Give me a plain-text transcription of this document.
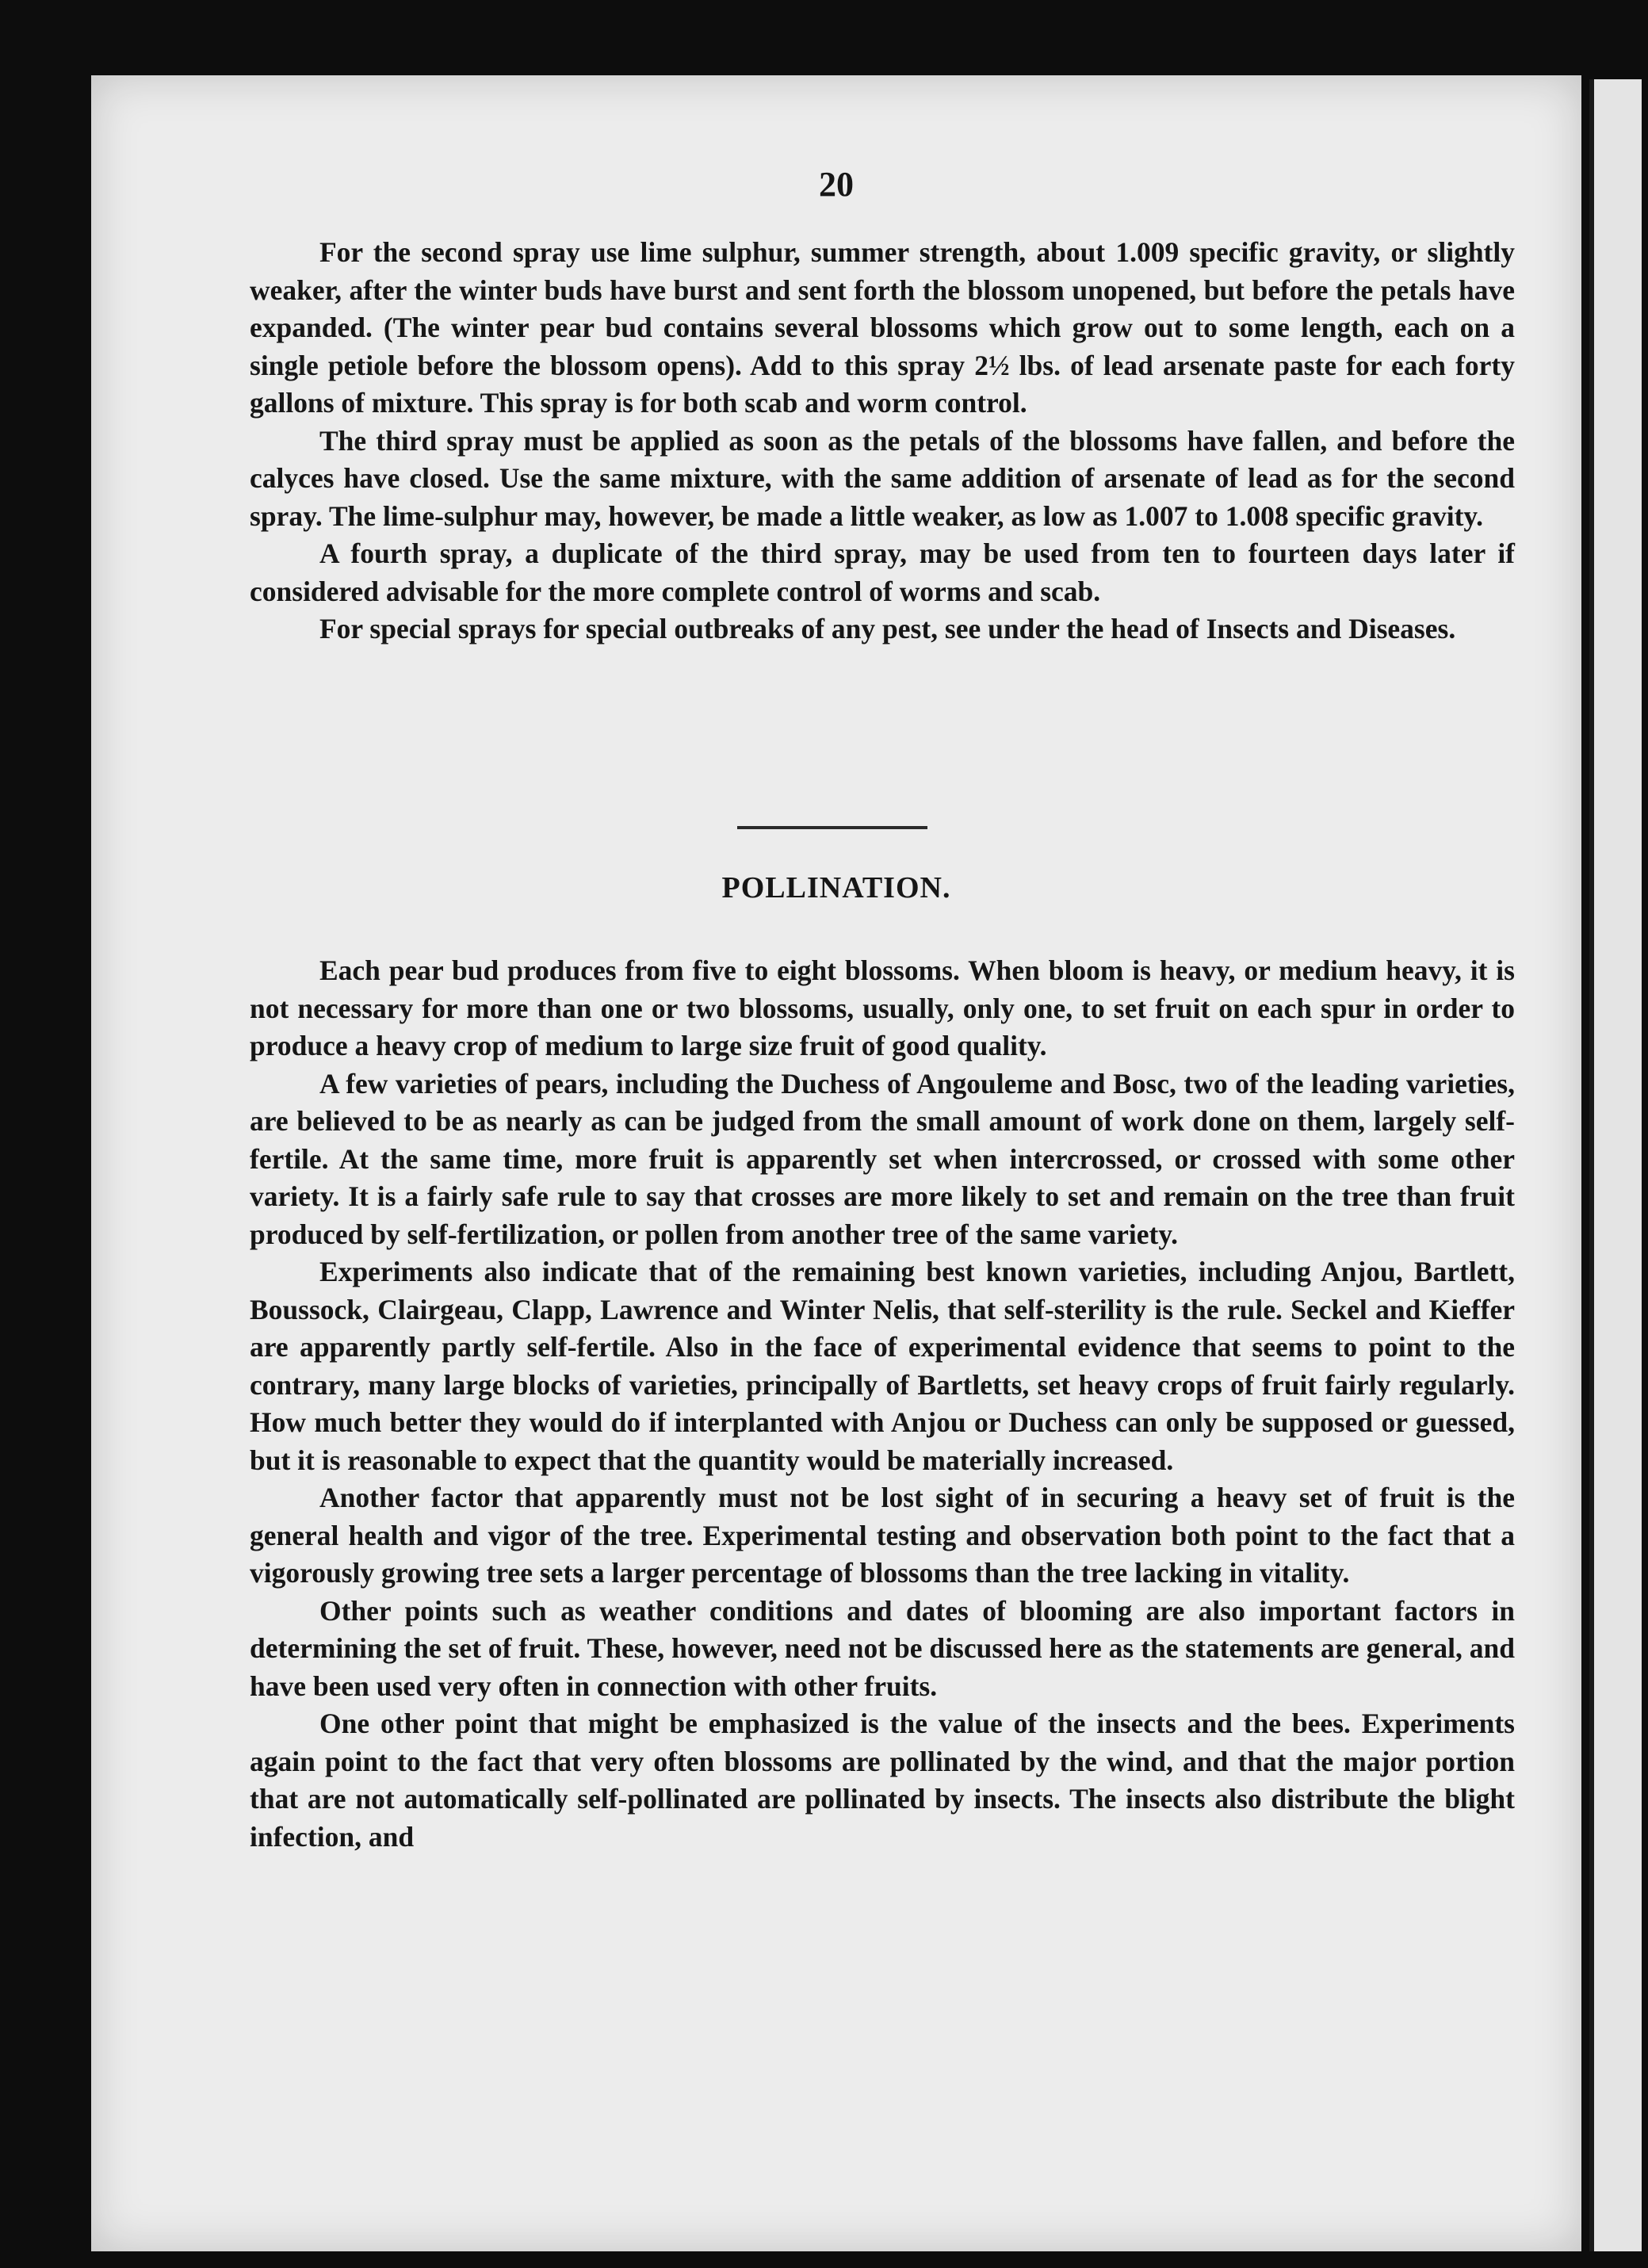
20

For the second spray use lime sulphur, summer strength, about 1.009 specific gravity, or slightly weaker, after the winter buds have burst and sent forth the blossom unopened, but before the petals have expanded. (The winter pear bud contains several blossoms which grow out to some length, each on a single petiole before the blossom opens). Add to this spray 2½ lbs. of lead arsenate paste for each forty gallons of mixture. This spray is for both scab and worm control.

The third spray must be applied as soon as the petals of the blossoms have fallen, and before the calyces have closed. Use the same mixture, with the same addition of arsenate of lead as for the second spray. The lime-sulphur may, however, be made a little weaker, as low as 1.007 to 1.008 specific gravity.

A fourth spray, a duplicate of the third spray, may be used from ten to fourteen days later if considered advisable for the more complete control of worms and scab.

For special sprays for special outbreaks of any pest, see under the head of Insects and Diseases.

POLLINATION.

Each pear bud produces from five to eight blossoms. When bloom is heavy, or medium heavy, it is not necessary for more than one or two blossoms, usually, only one, to set fruit on each spur in order to produce a heavy crop of medium to large size fruit of good quality.

A few varieties of pears, including the Duchess of Angouleme and Bosc, two of the leading varieties, are believed to be as nearly as can be judged from the small amount of work done on them, largely self-fertile. At the same time, more fruit is apparently set when intercrossed, or crossed with some other variety. It is a fairly safe rule to say that crosses are more likely to set and remain on the tree than fruit produced by self-fertilization, or pollen from another tree of the same variety.

Experiments also indicate that of the remaining best known varieties, including Anjou, Bartlett, Boussock, Clairgeau, Clapp, Lawrence and Winter Nelis, that self-sterility is the rule. Seckel and Kieffer are apparently partly self-fertile. Also in the face of experimental evidence that seems to point to the contrary, many large blocks of varieties, principally of Bartletts, set heavy crops of fruit fairly regularly. How much better they would do if interplanted with Anjou or Duchess can only be supposed or guessed, but it is reasonable to expect that the quantity would be materially increased.

Another factor that apparently must not be lost sight of in securing a heavy set of fruit is the general health and vigor of the tree. Experimental testing and observation both point to the fact that a vigorously growing tree sets a larger percentage of blossoms than the tree lacking in vitality.

Other points such as weather conditions and dates of blooming are also important factors in determining the set of fruit. These, however, need not be discussed here as the statements are general, and have been used very often in connection with other fruits.

One other point that might be emphasized is the value of the insects and the bees. Experiments again point to the fact that very often blossoms are pollinated by the wind, and that the major portion that are not automatically self-pollinated are pollinated by insects. The insects also distribute the blight infection, and
